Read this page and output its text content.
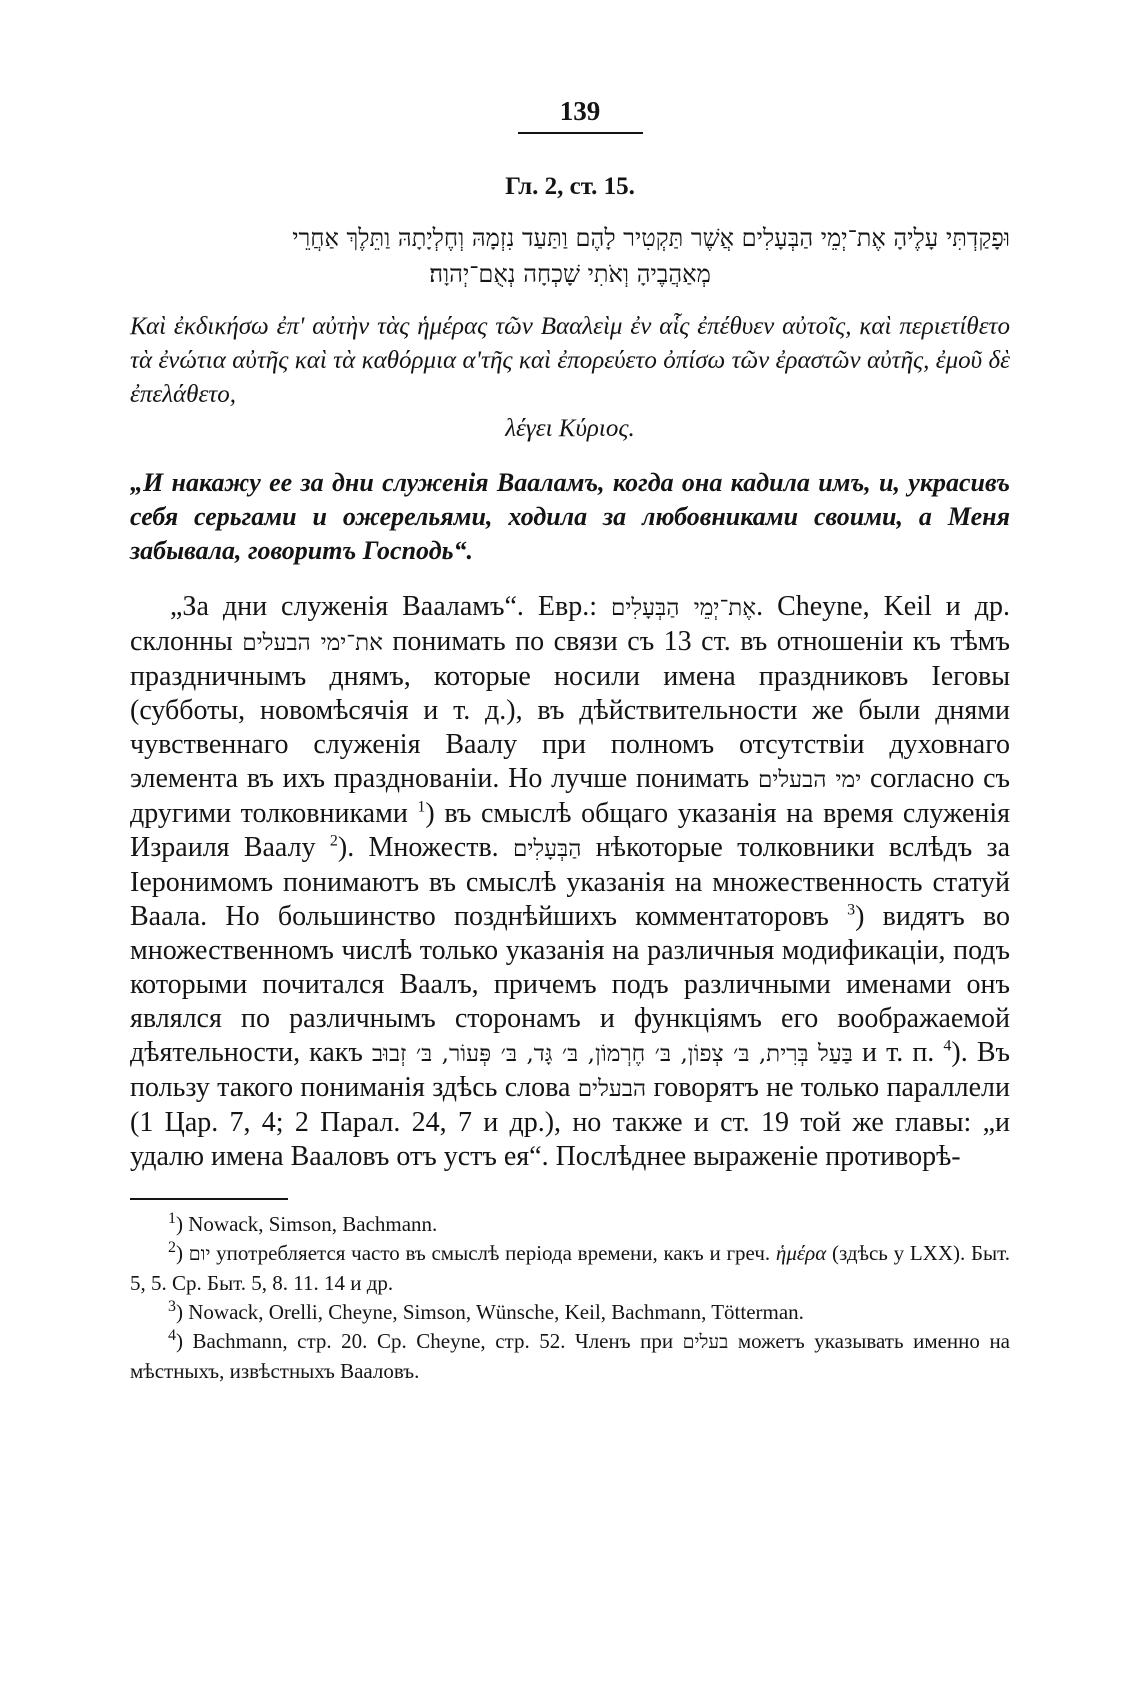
139
Гл. 2, ст. 15.
וּפָקַדְתִּי עָלֶיהָ אֶת־יְמֵי הַבְּעָלִים אֲשֶׁר תַּקְטִיר לָהֶם וַתַּעַד נִזְמָהּ וְחֶלְיָתָהּ וַתֵּלֶךְ אַחֲרֵי
מְאַהֲבֶיהָ וְאֹתִי שָׁכְחָה נְאֻם־יְהוָה׃
Καὶ ἐκδικήσω ἐπ' αὐτὴν τὰς ἡμέρας τῶν Βααλεὶμ ἐν αἷς ἐπέθυεν αὐτοῖς, καὶ περιετίθετο τὰ ἐνώτια αὐτῆς καὶ τὰ καθόρμια α'τῆς καὶ ἐπορεύετο ὀπίσω τῶν ἐραστῶν αὐτῆς, ἐμοῦ δὲ ἐπελάθετο,
λέγει Κύριος.
„И накажу ее за дни служенія Вааламъ, когда она кадила имъ, и, украсивъ себя серьгами и ожерельями, ходила за любовниками своими, а Меня забывала, говоритъ Господь“.
„За дни служенія Вааламъ“. Евр.: אֶת־יְמֵי הַבְּעָלִים. Cheyne, Keil и др. склонны את־ימי הבעלים понимать по связи съ 13 ст. въ отношеніи къ тѣмъ праздничнымъ днямъ, которые носили имена праздниковъ Іеговы (субботы, новомѣсячія и т. д.), въ дѣйствительности же были днями чувственнаго служенія Ваалу при полномъ отсутствіи духовнаго элемента въ ихъ праздновaніи. Но лучше понимать ימי הבעלים согласно съ другими толковниками $^1$) въ смыслѣ общаго указанія на время служенія Израиля Ваалу $^2$). Множеств. הַבְּעָלִים нѣкоторые толковники вслѣдъ за Іеронимомъ понимаютъ въ смыслѣ указанія на множественность статуй Ваала. Но большинство позднѣйшихъ комментаторовъ $^3$) видятъ во множественномъ числѣ только указанія на различныя модификаціи, подъ которыми почитался Ваалъ, причемъ подъ различными именами онъ являлся по различнымъ сторонамъ и функціямъ его воображаемой дѣятельности, какъ בַּעַל בְּרִית, בּ׳ צְפוֹן, בּ׳ חֶרְמוֹן, בּ׳ גָּד, בּ׳ פְּעוֹר, בּ׳ זְבוּב и т. п. $^4$). Въ пользу такого пониманія здѣсь слова הבעלים говорятъ не только параллели (1 Цар. 7, 4; 2 Парал. 24, 7 и др.), но также и ст. 19 той же главы: „и удалю имена Вааловъ отъ устъ ея“. Послѣднее выраженіе противорѣ-
$^1$) Nowack, Simson, Bachmann.
$^2$) יום употребляется часто въ смыслѣ періода времени, какъ и греч. ἡμέρα (здѣсь у LXX). Быт. 5, 5. Ср. Быт. 5, 8. 11. 14 и др.
$^3$) Nowack, Orelli, Cheyne, Simson, Wünsche, Keil, Bachmann, Tötterman.
$^4$) Bachmann, стр. 20. Ср. Cheyne, стр. 52. Членъ при בעלים можетъ указывать именно на мѣстныхъ, извѣстныхъ Вааловъ.
